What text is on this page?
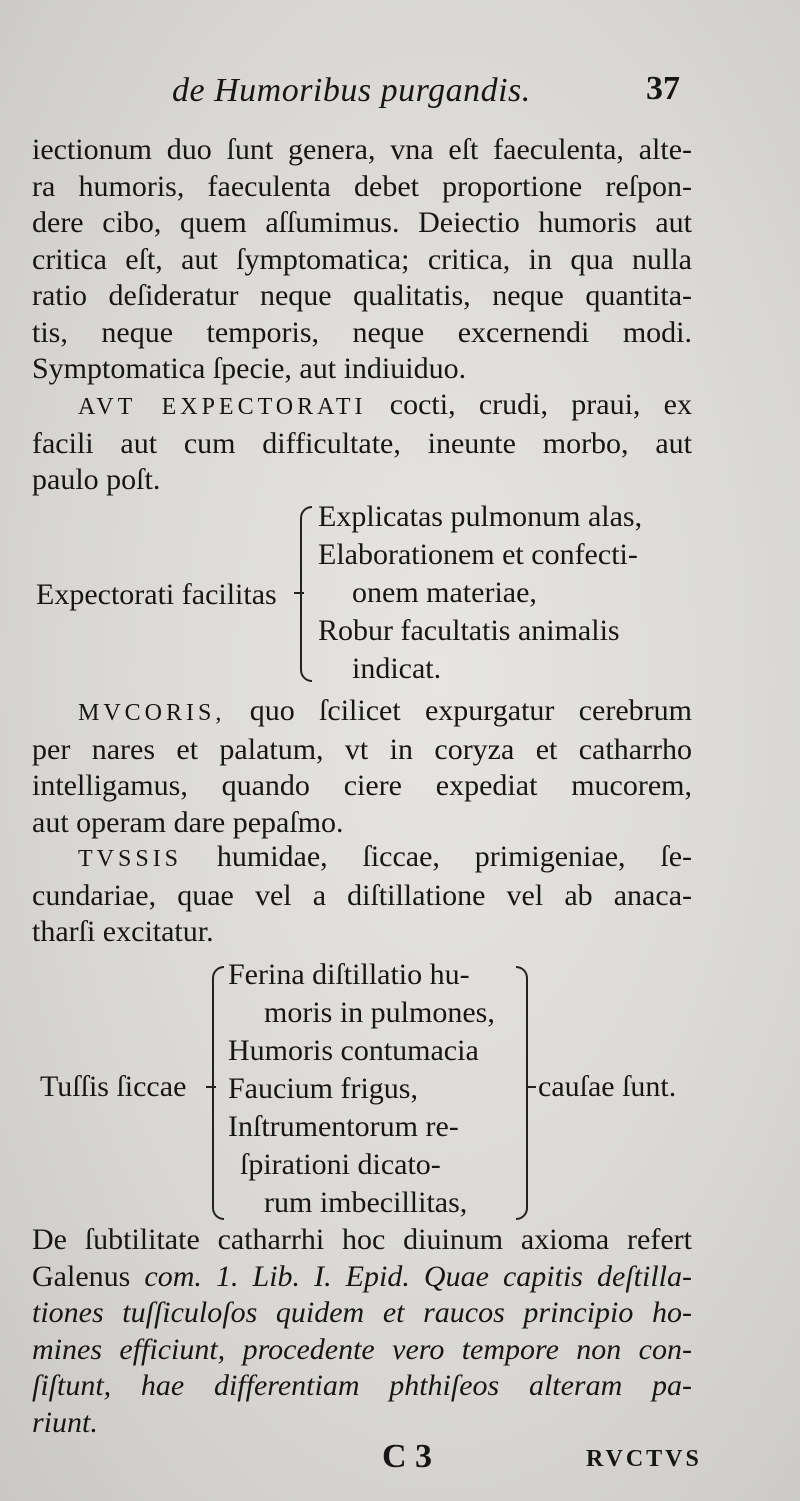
de Humoribus purgandis.	37
iectionum duo ſunt genera, vna eſt faeculenta, alte-
ra humoris, faeculenta debet proportione reſpon-
dere cibo, quem aſſumimus. Deiectio humoris aut
critica eſt, aut ſymptomatica; critica, in qua nulla
ratio deſideratur neque qualitatis, neque quantita-
tis, neque temporis, neque excernendi modi.
Symptomatica ſpecie, aut indiuiduo.
AVT EXPECTORATI cocti, crudi, praui, ex
facili aut cum difficultate, ineunte morbo, aut
paulo poſt.
Expectorati facilitas
Explicatas pulmonum alas,
Elaborationem et confecti-
onem materiae,
Robur facultatis animalis
indicat.
MVCORIS, quo ſcilicet expurgatur cerebrum
per nares et palatum, vt in coryza et catharrho
intelligamus, quando ciere expediat mucorem,
aut operam dare pepaſmo.
TVSSIS humidae, ſiccae, primigeniae, ſe-
cundariae, quae vel a diſtillatione vel ab anaca-
tharſi excitatur.
Tuſſis ſiccae
Ferina diſtillatio hu-
moris in pulmones,
Humoris contumacia
Faucium frigus,
Inſtrumentorum re-
ſpirationi dicato-
rum imbecillitas,
cauſae ſunt.
De ſubtilitate catharrhi hoc diuinum axioma refert
Galenus com. 1. Lib. I. Epid. Quae capitis deſtilla-
tiones tuſſiculoſos quidem et raucos principio ho-
mines efficiunt, procedente vero tempore non con-
ſiſtunt, hae differentiam phthiſeos alteram pa-
riunt.
C 3	RVCTVS
